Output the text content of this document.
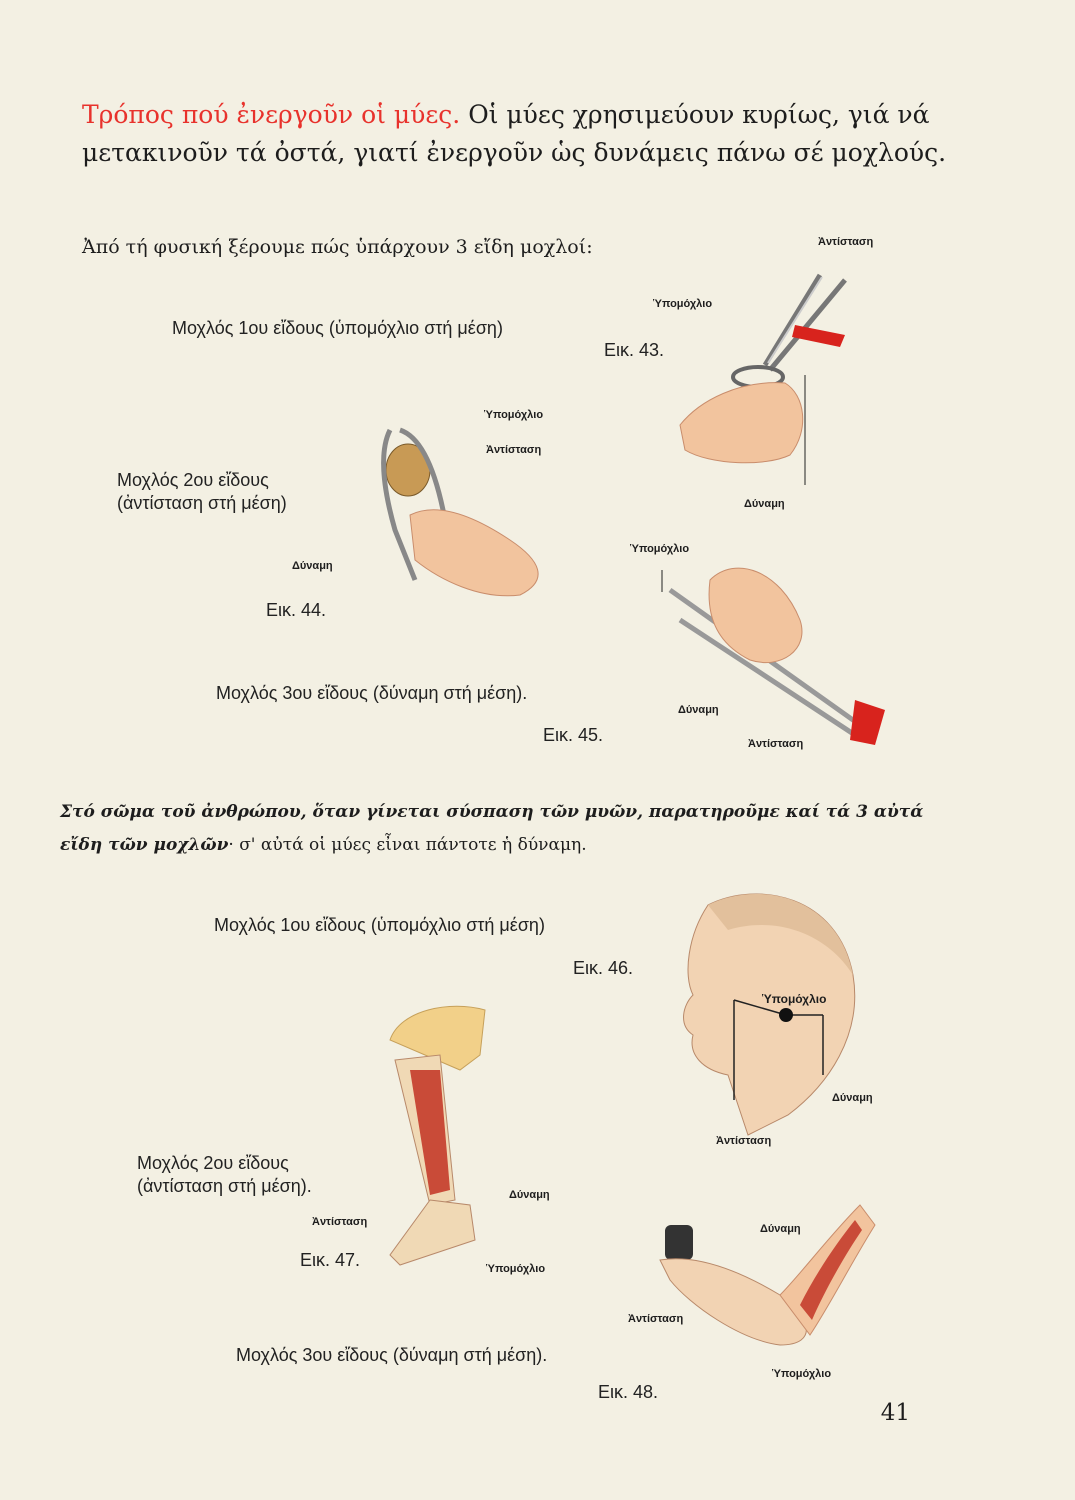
Τρόπος πού ἐνεργοῦν οἱ μύες. Οἱ μύες χρησιμεύουν κυρίως, γιά νά μετακινοῦν τά ὀστά, γιατί ἐνεργοῦν ὡς δυνάμεις πάνω σέ μοχλούς.
Ἀπό τή φυσική ξέρουμε πώς ὑπάρχουν 3 εἴδη μοχλοί:
Μοχλός 1ου εἴδους (ὑπομόχλιο στή μέση)
Εικ. 43.
Ἀντίσταση
Ὑπομόχλιο
Δύναμη
Μοχλός 2ου εἴδους
(ἀντίσταση στή μέση)
Ὑπομόχλιο
Ἀντίσταση
Δύναμη
Εικ. 44.
Ὑπομόχλιο
Δύναμη
Ἀντίσταση
Μοχλός 3ου εἴδους (δύναμη στή μέση).
Εικ. 45.
Στό σῶμα τοῦ ἀνθρώπου, ὅταν γίνεται σύσπαση τῶν μυῶν, παρατηροῦμε καί τά 3 αὐτά εἴδη τῶν μοχλῶν· σ' αὐτά οἱ μύες εἶναι πάντοτε ἡ δύναμη.
Μοχλός 1ου εἴδους (ὑπομόχλιο στή μέση)
Εικ. 46.
Ὑπομόχλιο
Δύναμη
Ἀντίσταση
Δύναμη
Ἀντίσταση
Ὑπομόχλιο
Μοχλός 2ου εἴδους
(ἀντίσταση στή μέση).
Εικ. 47.
Δύναμη
Ἀντίσταση
Ὑπομόχλιο
Μοχλός 3ου εἴδους (δύναμη στή μέση).
Εικ. 48.
41
